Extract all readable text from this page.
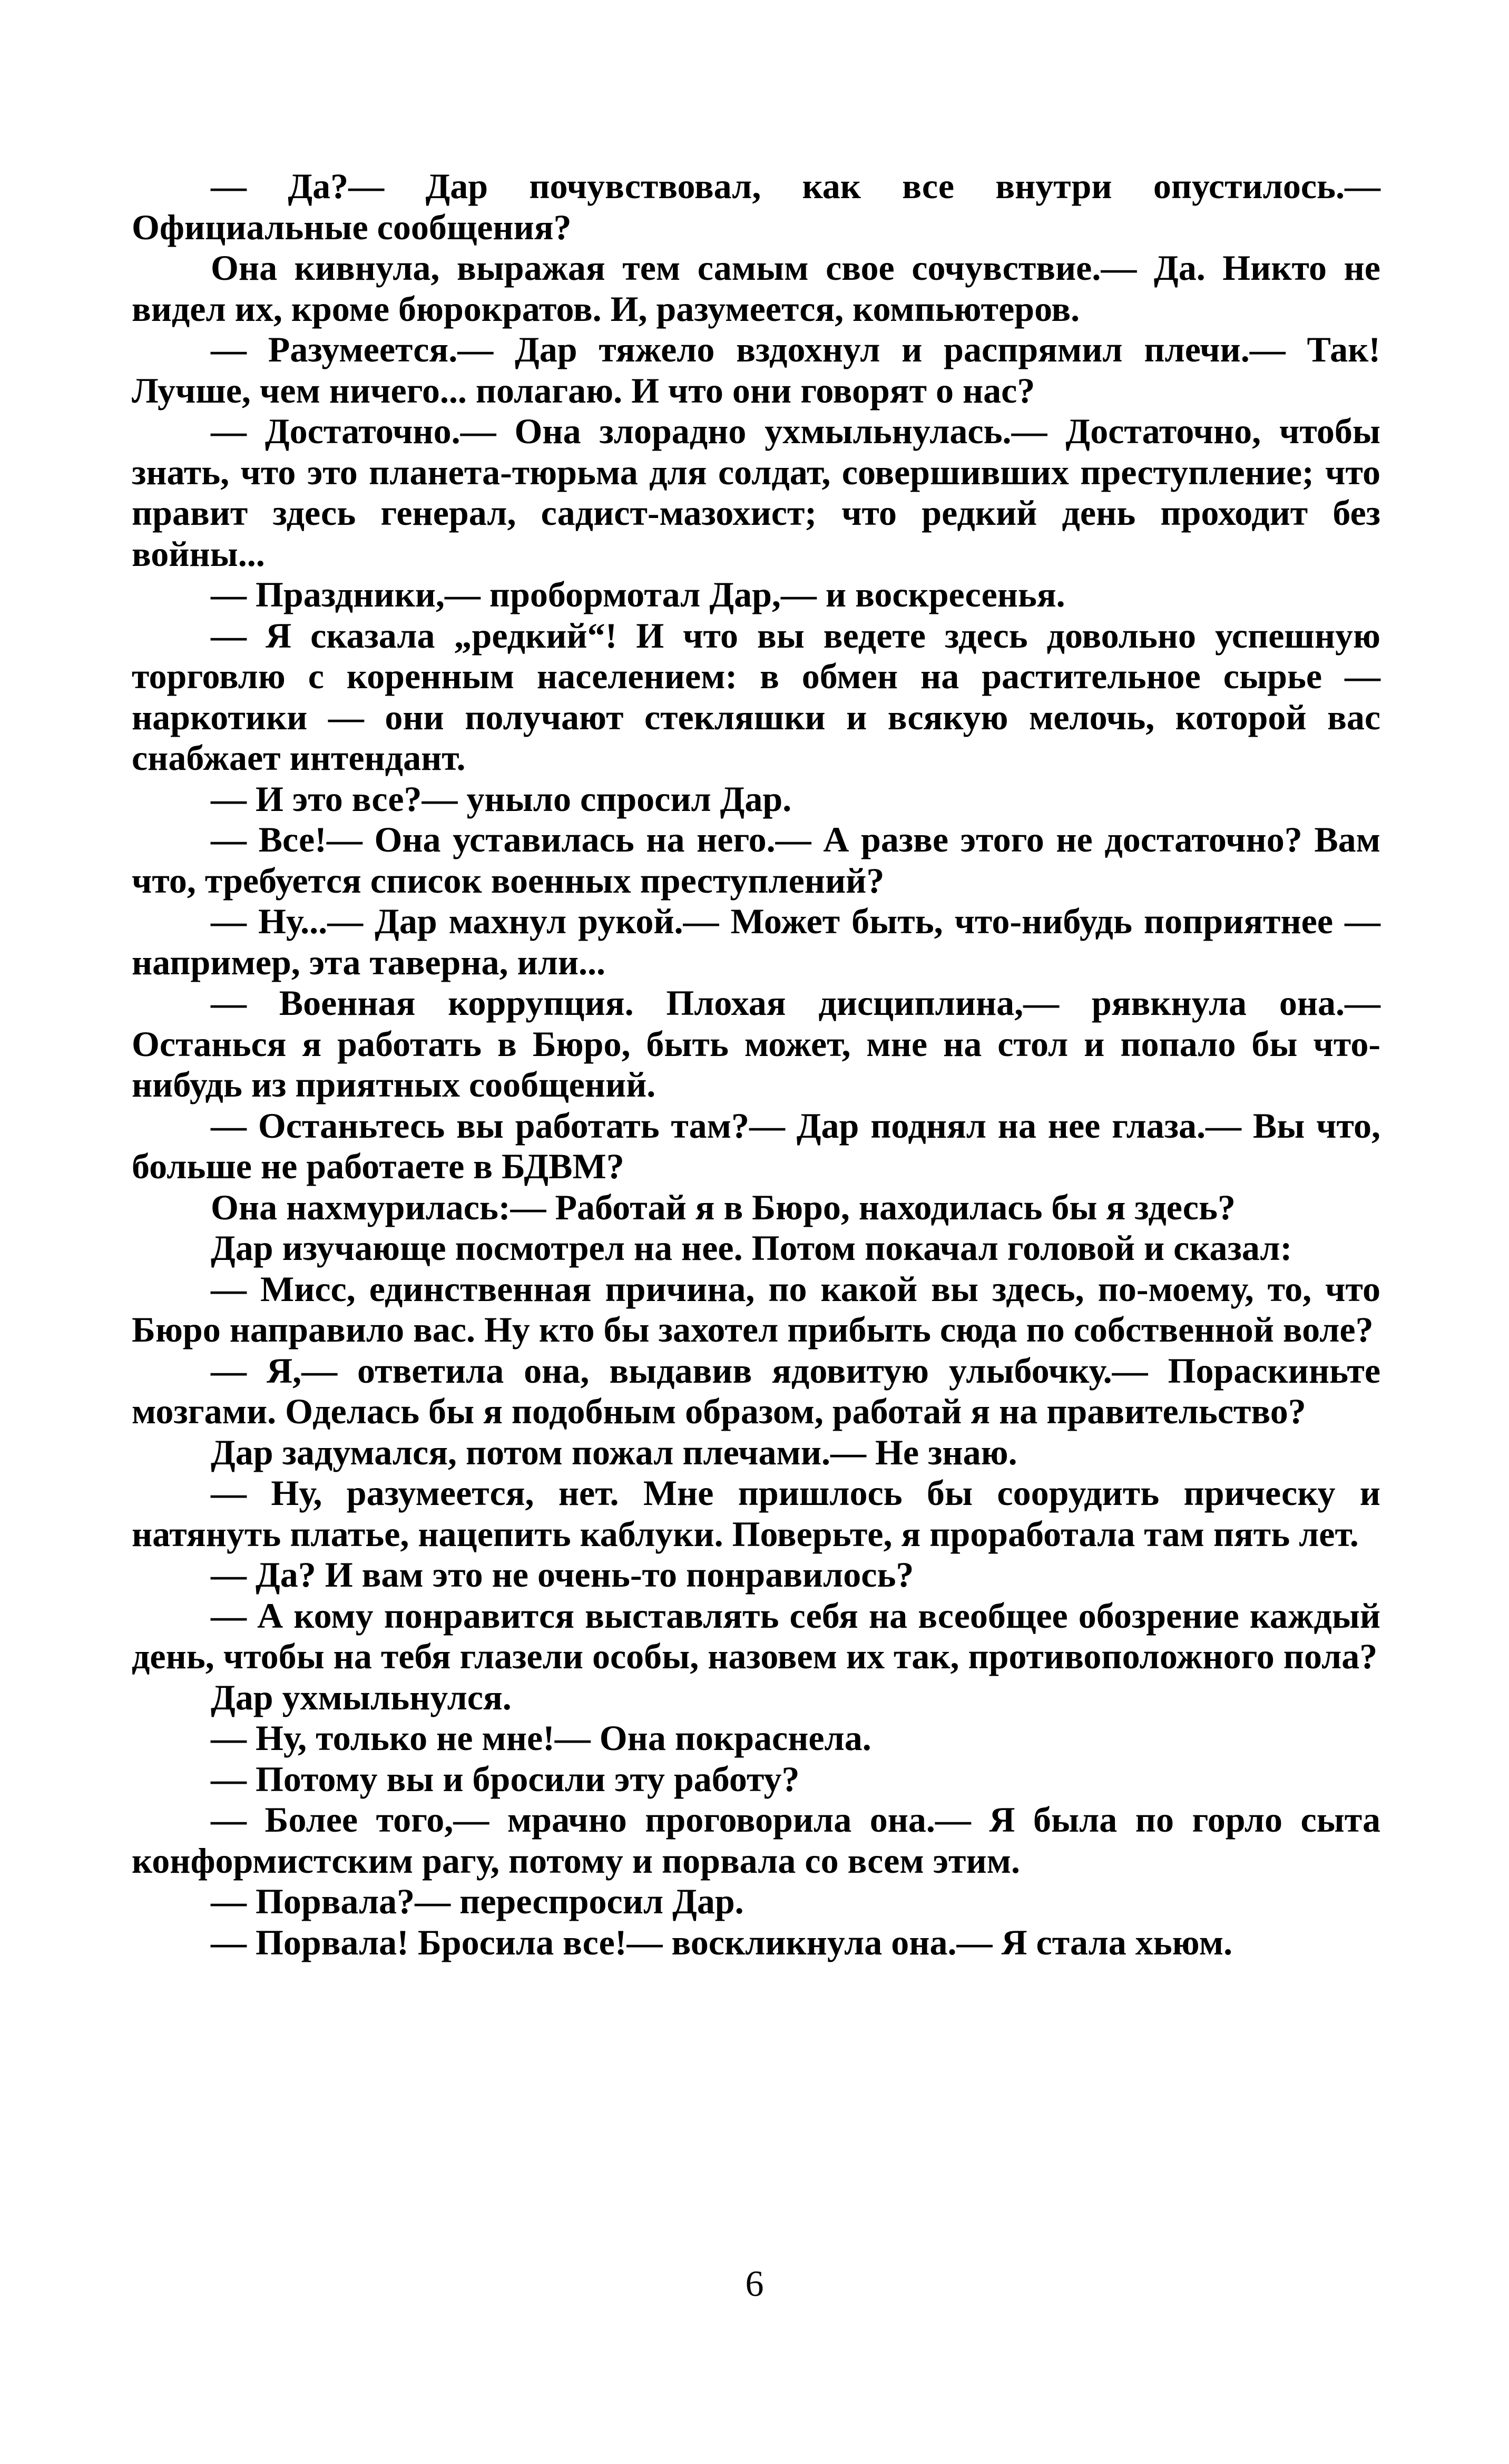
— Да?— Дар почувствовал, как все внутри опустилось.— Официальные сообщения?

Она кивнула, выражая тем самым свое сочувствие.— Да. Никто не видел их, кроме бюрократов. И, разумеется, компьютеров.

— Разумеется.— Дар тяжело вздохнул и распрямил плечи.— Так! Лучше, чем ничего... полагаю. И что они говорят о нас?

— Достаточно.— Она злорадно ухмыльнулась.— Достаточно, чтобы знать, что это планета-тюрьма для солдат, совершивших преступление; что правит здесь генерал, садист-мазохист; что редкий день проходит без войны...

— Праздники,— пробормотал Дар,— и воскресенья.

— Я сказала „редкий“! И что вы ведете здесь довольно успешную торговлю с коренным населением: в обмен на растительное сырье — наркотики — они получают стекляшки и всякую мелочь, которой вас снабжает интендант.

— И это все?— уныло спросил Дар.

— Все!— Она уставилась на него.— А разве этого не достаточно? Вам что, требуется список военных преступлений?

— Ну...— Дар махнул рукой.— Может быть, что-нибудь поприятнее — например, эта таверна, или...

— Военная коррупция. Плохая дисциплина,— рявкнула она.— Останься я работать в Бюро, быть может, мне на стол и попало бы что-нибудь из приятных сообщений.

— Останьтесь вы работать там?— Дар поднял на нее глаза.— Вы что, больше не работаете в БДВМ?

Она нахмурилась:— Работай я в Бюро, находилась бы я здесь?

Дар изучающе посмотрел на нее. Потом покачал головой и сказал:

— Мисс, единственная причина, по какой вы здесь, по-моему, то, что Бюро направило вас. Ну кто бы захотел прибыть сюда по собственной воле?

— Я,— ответила она, выдавив ядовитую улыбочку.— Пораскиньте мозгами. Оделась бы я подобным образом, работай я на правительство?

Дар задумался, потом пожал плечами.— Не знаю.

— Ну, разумеется, нет. Мне пришлось бы соорудить прическу и натянуть платье, нацепить каблуки. Поверьте, я проработала там пять лет.

— Да? И вам это не очень-то понравилось?

— А кому понравится выставлять себя на всеобщее обозрение каждый день, чтобы на тебя глазели особы, назовем их так, противоположного пола?

Дар ухмыльнулся.

— Ну, только не мне!— Она покраснела.

— Потому вы и бросили эту работу?

— Более того,— мрачно проговорила она.— Я была по горло сыта конформистским рагу, потому и порвала со всем этим.

— Порвала?— переспросил Дар.

— Порвала! Бросила все!— воскликнула она.— Я стала хьюм.

6
